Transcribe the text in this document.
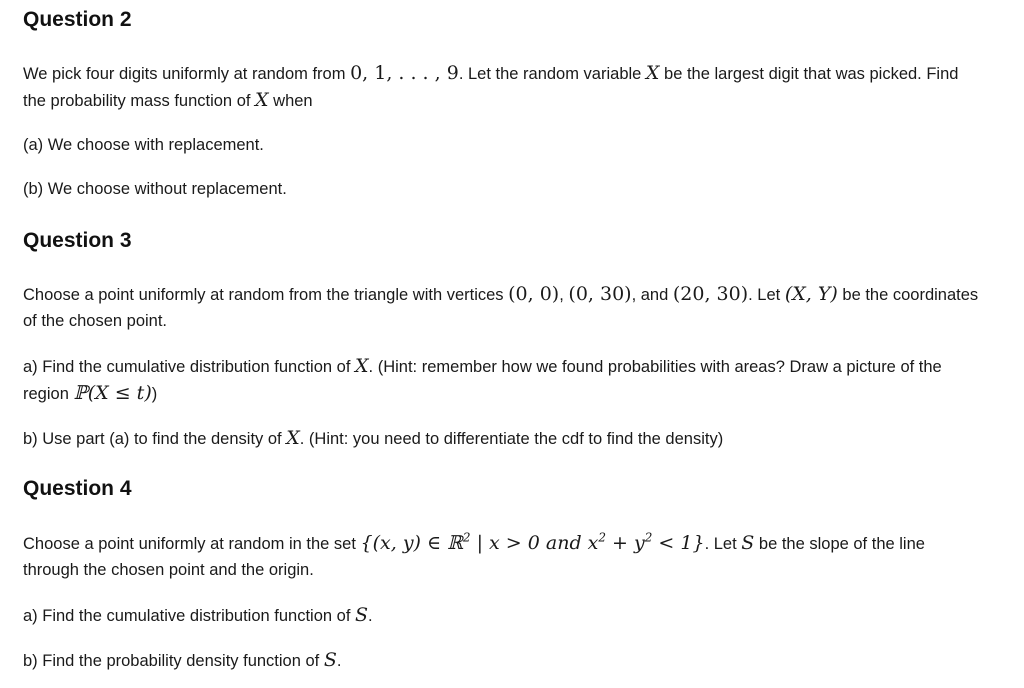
Question 2
We pick four digits uniformly at random from 0, 1, . . . , 9. Let the random variable X be the largest digit that was picked. Find the probability mass function of X when
(a) We choose with replacement.
(b) We choose without replacement.
Question 3
Choose a point uniformly at random from the triangle with vertices (0, 0), (0, 30), and (20, 30). Let (X, Y) be the coordinates of the chosen point.
a) Find the cumulative distribution function of X. (Hint: remember how we found probabilities with areas? Draw a picture of the region ℙ(X ≤ t))
b) Use part (a) to find the density of X. (Hint: you need to differentiate the cdf to find the density)
Question 4
Choose a point uniformly at random in the set {(x, y) ∈ ℝ$^2$ | x > 0 and $x^2 + y^2 < 1$}. Let S be the slope of the line through the chosen point and the origin.
a) Find the cumulative distribution function of S.
b) Find the probability density function of S.
